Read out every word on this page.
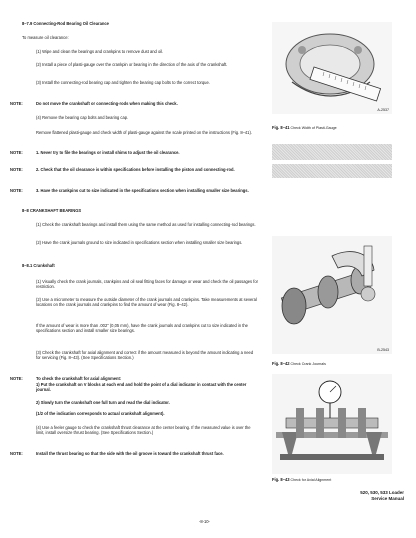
8–7.9 Connecting-Rod Bearing Oil Clearance

To measure oil clearance:

(1) Wipe and clean the bearings and crankpins to remove dust and oil.

(2) Install a piece of plasti-gauge over the crankpin or bearing in the direction of the axis of the crankshaft.

(3) Install the connecting-rod bearing cap and tighten the bearing cap bolts to the correct torque.

NOTE:	Do not move the crankshaft or connecting-rods when making this check.

(4) Remove the bearing cap bolts and bearing cap.

Remove flattened plasti-gauge and check width of plasti-gauge against the scale printed on the instructions (Fig. 8–41).

NOTE:	1. Never try to file the bearings or install shims to adjust the oil clearance.
NOTE:	2. Check that the oil clearance is within specifications before installing the piston and connecting-rod.
NOTE:	3. Have the crankpins cut to size indicated in the specifications section when installing smaller size bearings.

8–8 CRANKSHAFT BEARINGS

(1) Check the crankshaft bearings and install them using the same method as used for installing connecting-rod bearings.

(2) Have the crank journals ground to size indicated in specifications section when installing smaller size bearings.

8–8.1 Crankshaft

(1) Visually check the crank journals, crankpins and oil seal fitting faces for damage or wear and check the oil passages for restriction.

(2) Use a micrometer to measure the outside diameter of the crank journals and crankpins. Take measurements at several locations on the crank journals and crankpins to find the amount of wear (Fig. 8–42).

If the amount of wear is more than .002" (0,05 mm), have the crank journals and crankpins cut to size indicated in the specifications section and install smaller size bearings.

(3) Check the crankshaft for axial alignment and correct if the amount measured is beyond the amount indicating a need for servicing (Fig. 8–43). (See Specifications Section.)

NOTE:	To check the crankshaft for axial alignment:
1) Put the crankshaft on V blocks at each end and hold the point of a dial indicator in contact with the center journal.
2) Slowly turn the crankshaft one full turn and read the dial indicator.
(1/2 of the indication corresponds to actual crankshaft alignment).

(4) Use a feeler gauge to check the crankshaft thrust clearance at the center bearing. If the measured value is over the limit, install oversize thrust bearing. (See Specifications Section.)

NOTE:	Install the thrust bearing so that the side with the oil groove is toward the crankshaft thrust face.
A-2537
Fig. 8–41 Check Width of Plasti-Gauge
B-2543
Fig. 8–42 Check Crank Journals
Fig. 8–43 Check for Axial Alignment
520, 530, 533 Loader
Service Manual
-8-10-
